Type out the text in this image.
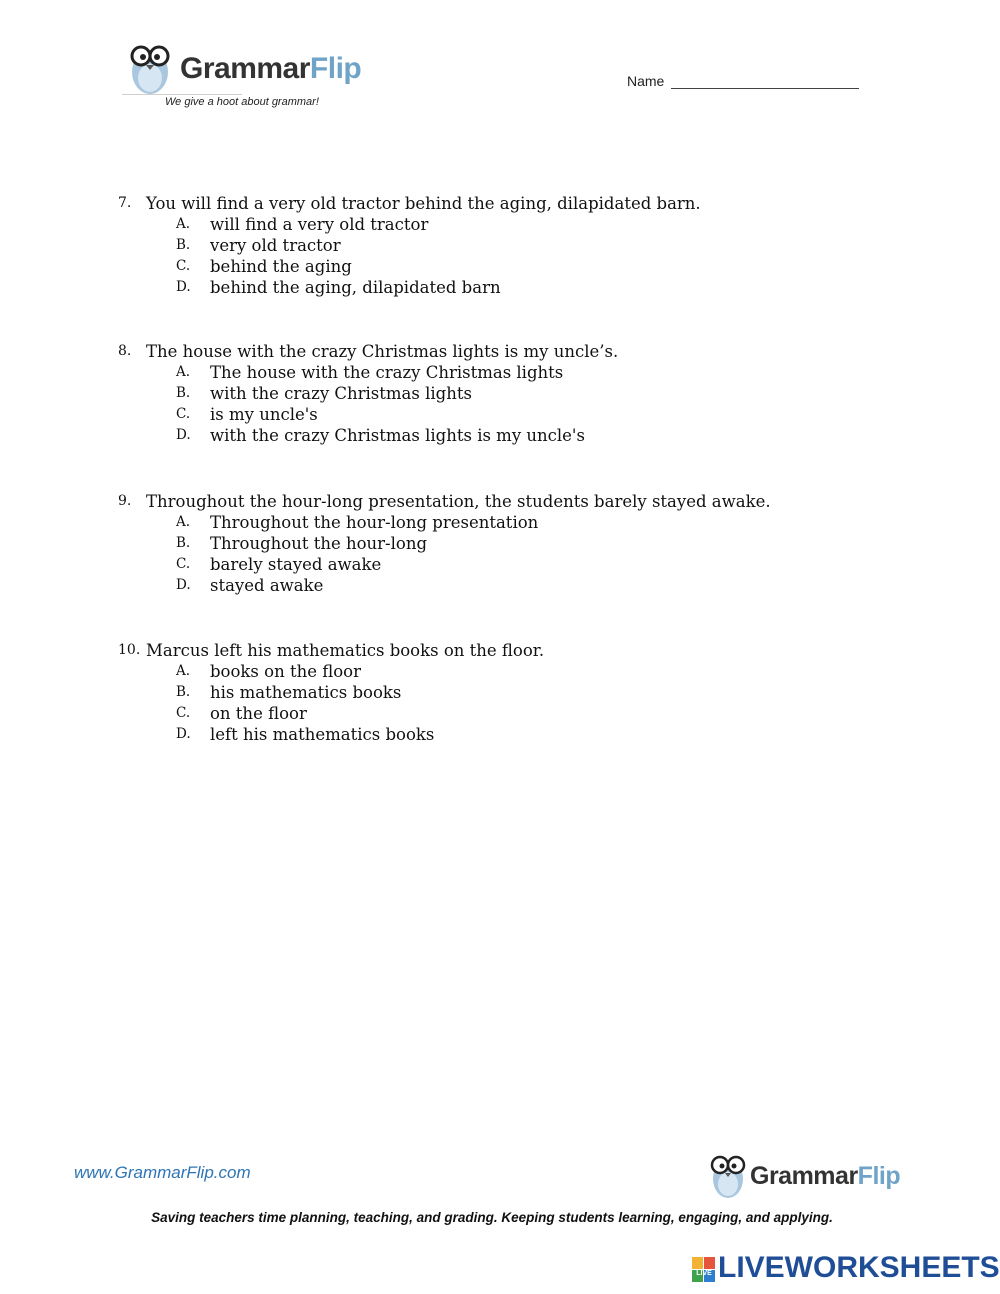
GrammarFlip
We give a hoot about grammar!
Name
7. You will find a very old tractor behind the aging, dilapidated barn.
A. will find a very old tractor
B. very old tractor
C. behind the aging
D. behind the aging, dilapidated barn
8. The house with the crazy Christmas lights is my uncle’s.
A. The house with the crazy Christmas lights
B. with the crazy Christmas lights
C. is my uncle's
D. with the crazy Christmas lights is my uncle's
9. Throughout the hour-long presentation, the students barely stayed awake.
A. Throughout the hour-long presentation
B. Throughout the hour-long
C. barely stayed awake
D. stayed awake
10. Marcus left his mathematics books on the floor.
A. books on the floor
B. his mathematics books
C. on the floor
D. left his mathematics books
www.GrammarFlip.com	GrammarFlip
Saving teachers time planning, teaching, and grading. Keeping students learning, engaging, and applying.
LIVE LIVEWORKSHEETS
